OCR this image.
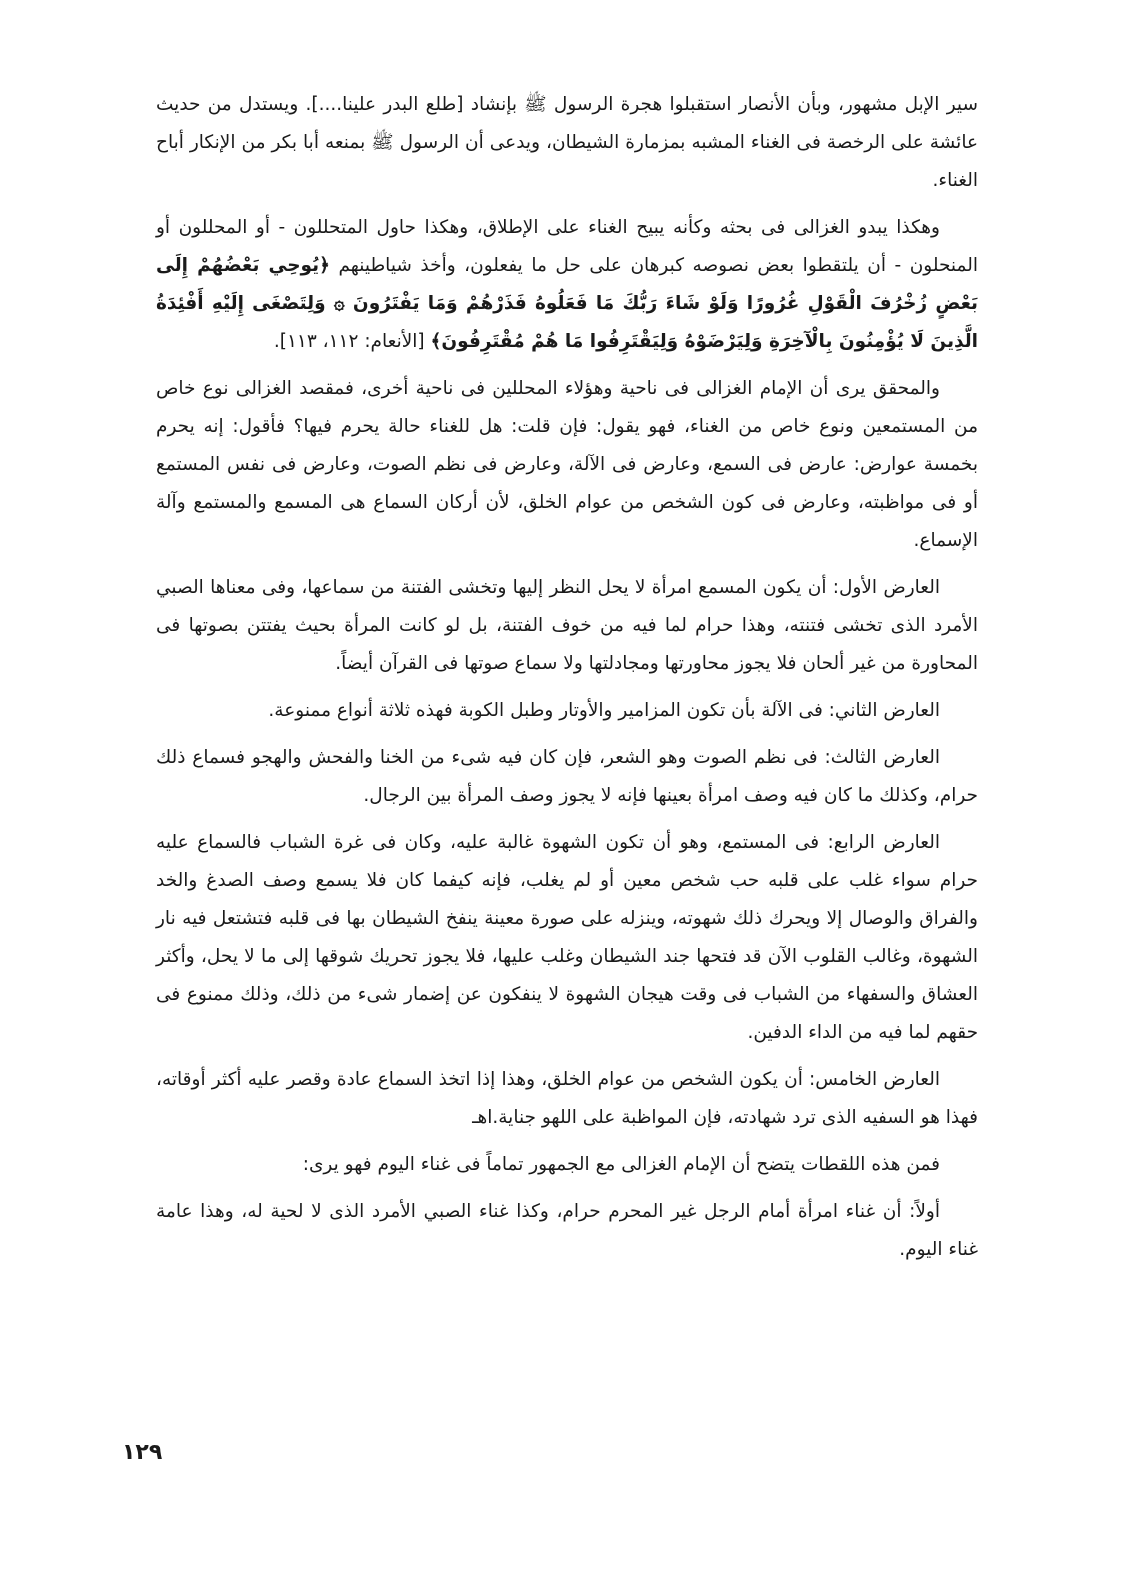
سير الإبل مشهور، وبأن الأنصار استقبلوا هجرة الرسول ﷺ بإنشاد [طلع البدر علينا....]. ويستدل من حديث عائشة على الرخصة فى الغناء المشبه بمزمارة الشيطان، ويدعى أن الرسول ﷺ بمنعه أبا بكر من الإنكار أباح الغناء.

وهكذا يبدو الغزالى فى بحثه وكأنه يبيح الغناء على الإطلاق، وهكذا حاول المتحللون - أو المحللون أو المنحلون - أن يلتقطوا بعض نصوصه كبرهان على حل ما يفعلون، وأخذ شياطينهم ﴿يُوحِي بَعْضُهُمْ إِلَى بَعْضٍ زُخْرُفَ الْقَوْلِ غُرُورًا وَلَوْ شَاءَ رَبُّكَ مَا فَعَلُوهُ فَذَرْهُمْ وَمَا يَفْتَرُونَ ۞ وَلِتَصْغَى إِلَيْهِ أَفْئِدَةُ الَّذِينَ لَا يُؤْمِنُونَ بِالْآخِرَةِ وَلِيَرْضَوْهُ وَلِيَقْتَرِفُوا مَا هُمْ مُقْتَرِفُونَ﴾ [الأنعام: ١١٢، ١١٣].

والمحقق يرى أن الإمام الغزالى فى ناحية وهؤلاء المحللين فى ناحية أخرى، فمقصد الغزالى نوع خاص من المستمعين ونوع خاص من الغناء، فهو يقول: فإن قلت: هل للغناء حالة يحرم فيها؟ فأقول: إنه يحرم بخمسة عوارض: عارض فى السمع، وعارض فى الآلة، وعارض فى نظم الصوت، وعارض فى نفس المستمع أو فى مواظبته، وعارض فى كون الشخص من عوام الخلق، لأن أركان السماع هى المسمع والمستمع وآلة الإسماع.

العارض الأول: أن يكون المسمع امرأة لا يحل النظر إليها وتخشى الفتنة من سماعها، وفى معناها الصبي الأمرد الذى تخشى فتنته، وهذا حرام لما فيه من خوف الفتنة، بل لو كانت المرأة بحيث يفتتن بصوتها فى المحاورة من غير ألحان فلا يجوز محاورتها ومجادلتها ولا سماع صوتها فى القرآن أيضاً.

العارض الثاني: فى الآلة بأن تكون المزامير والأوتار وطبل الكوبة فهذه ثلاثة أنواع ممنوعة.

العارض الثالث: فى نظم الصوت وهو الشعر، فإن كان فيه شىء من الخنا والفحش والهجو فسماع ذلك حرام، وكذلك ما كان فيه وصف امرأة بعينها فإنه لا يجوز وصف المرأة بين الرجال.

العارض الرابع: فى المستمع، وهو أن تكون الشهوة غالبة عليه، وكان فى غرة الشباب فالسماع عليه حرام سواء غلب على قلبه حب شخص معين أو لم يغلب، فإنه كيفما كان فلا يسمع وصف الصدغ والخد والفراق والوصال إلا ويحرك ذلك شهوته، وينزله على صورة معينة ينفخ الشيطان بها فى قلبه فتشتعل فيه نار الشهوة، وغالب القلوب الآن قد فتحها جند الشيطان وغلب عليها، فلا يجوز تحريك شوقها إلى ما لا يحل، وأكثر العشاق والسفهاء من الشباب فى وقت هيجان الشهوة لا ينفكون عن إضمار شىء من ذلك، وذلك ممنوع فى حقهم لما فيه من الداء الدفين.

العارض الخامس: أن يكون الشخص من عوام الخلق، وهذا إذا اتخذ السماع عادة وقصر عليه أكثر أوقاته، فهذا هو السفيه الذى ترد شهادته، فإن المواظبة على اللهو جناية.اهـ

فمن هذه اللقطات يتضح أن الإمام الغزالى مع الجمهور تماماً فى غناء اليوم فهو يرى:

أولاً: أن غناء امرأة أمام الرجل غير المحرم حرام، وكذا غناء الصبي الأمرد الذى لا لحية له، وهذا عامة غناء اليوم.

١٢٩
